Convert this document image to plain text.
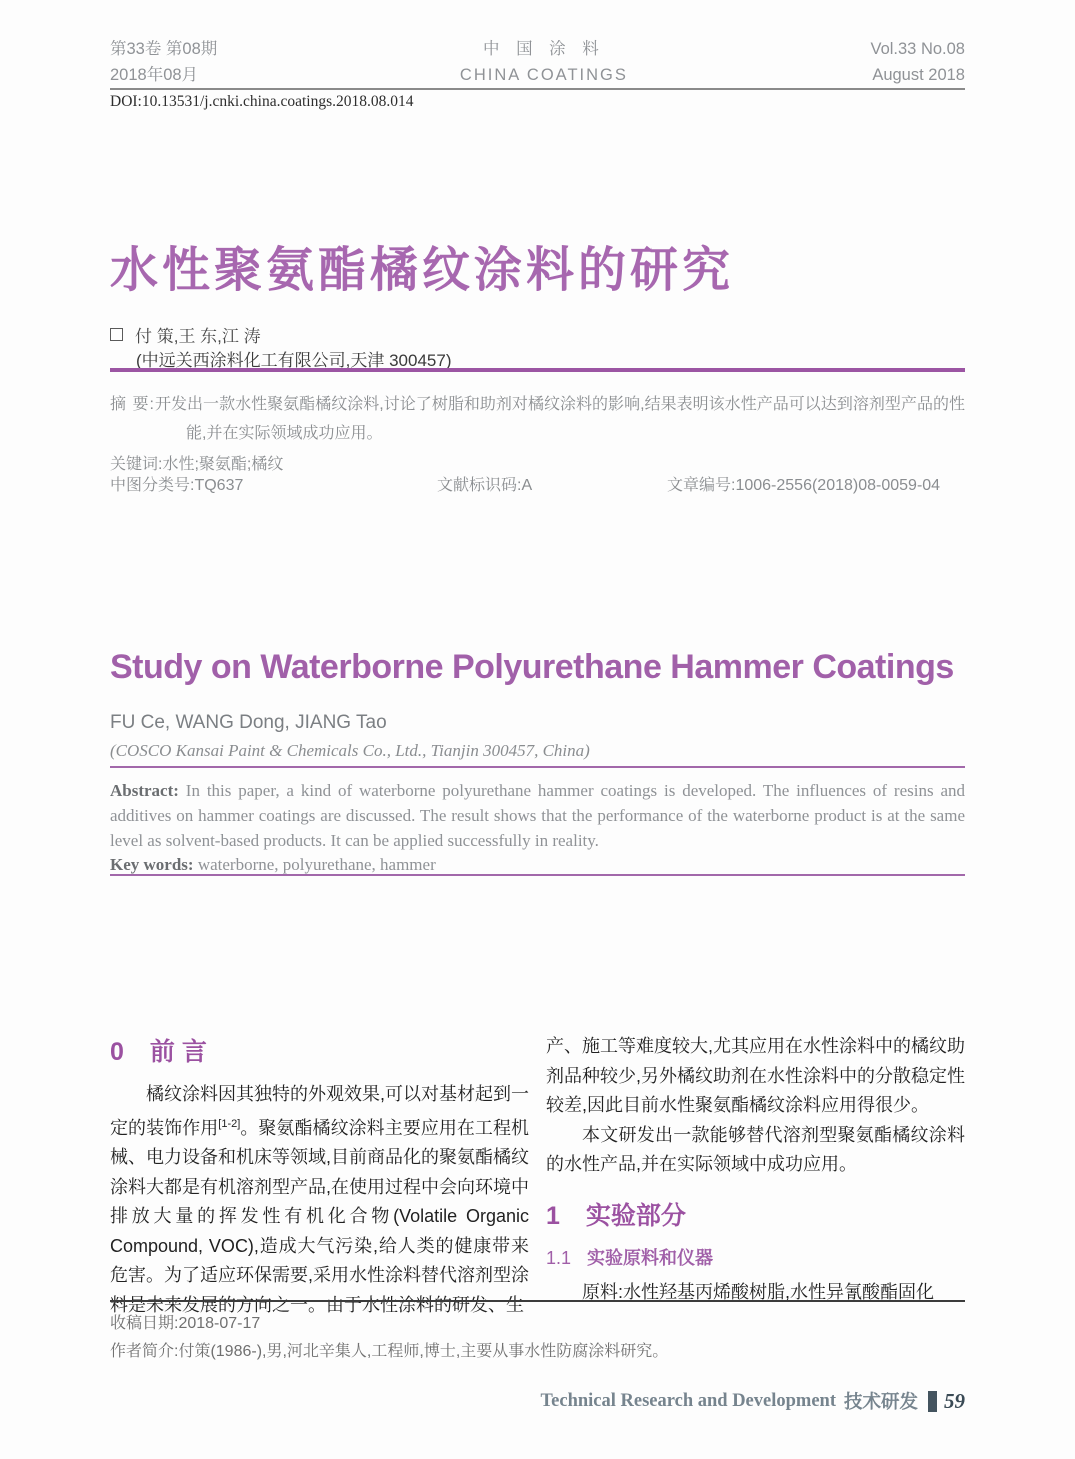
第33卷 第08期
2018年08月
中 国 涂 料
CHINA COATINGS
Vol.33 No.08
August 2018
DOI:10.13531/j.cnki.china.coatings.2018.08.014
水性聚氨酯橘纹涂料的研究
付 策,王 东,江 涛
(中远关西涂料化工有限公司,天津 300457)

摘 要:开发出一款水性聚氨酯橘纹涂料,讨论了树脂和助剂对橘纹涂料的影响,结果表明该水性产品可以达到溶剂型产品的性能,并在实际领域成功应用。

关键词:水性;聚氨酯;橘纹

中图分类号:TQ637	文献标识码:A	文章编号:1006-2556(2018)08-0059-04
Study on Waterborne Polyurethane Hammer Coatings
FU Ce, WANG Dong, JIANG Tao
(COSCO Kansai Paint & Chemicals Co., Ltd., Tianjin 300457, China)

Abstract: In this paper, a kind of waterborne polyurethane hammer coatings is developed. The influences of resins and additives on hammer coatings are discussed. The result shows that the performance of the waterborne product is at the same level as solvent-based products. It can be applied successfully in reality.

Key words: waterborne, polyurethane, hammer

0 前 言

橘纹涂料因其独特的外观效果,可以对基材起到一定的装饰作用[1-2]。聚氨酯橘纹涂料主要应用在工程机械、电力设备和机床等领域,目前商品化的聚氨酯橘纹涂料大都是有机溶剂型产品,在使用过程中会向环境中排放大量的挥发性有机化合物(Volatile Organic Compound, VOC),造成大气污染,给人类的健康带来危害。为了适应环保需要,采用水性涂料替代溶剂型涂料是未来发展的方向之一。由于水性涂料的研发、生

产、施工等难度较大,尤其应用在水性涂料中的橘纹助剂品种较少,另外橘纹助剂在水性涂料中的分散稳定性较差,因此目前水性聚氨酯橘纹涂料应用得很少。

本文研发出一款能够替代溶剂型聚氨酯橘纹涂料的水性产品,并在实际领域中成功应用。

1 实验部分
1.1 实验原料和仪器

原料:水性羟基丙烯酸树脂,水性异氰酸酯固化

收稿日期:2018-07-17
作者简介:付策(1986-),男,河北辛集人,工程师,博士,主要从事水性防腐涂料研究。
Technical Research and Development 技术研发 59
